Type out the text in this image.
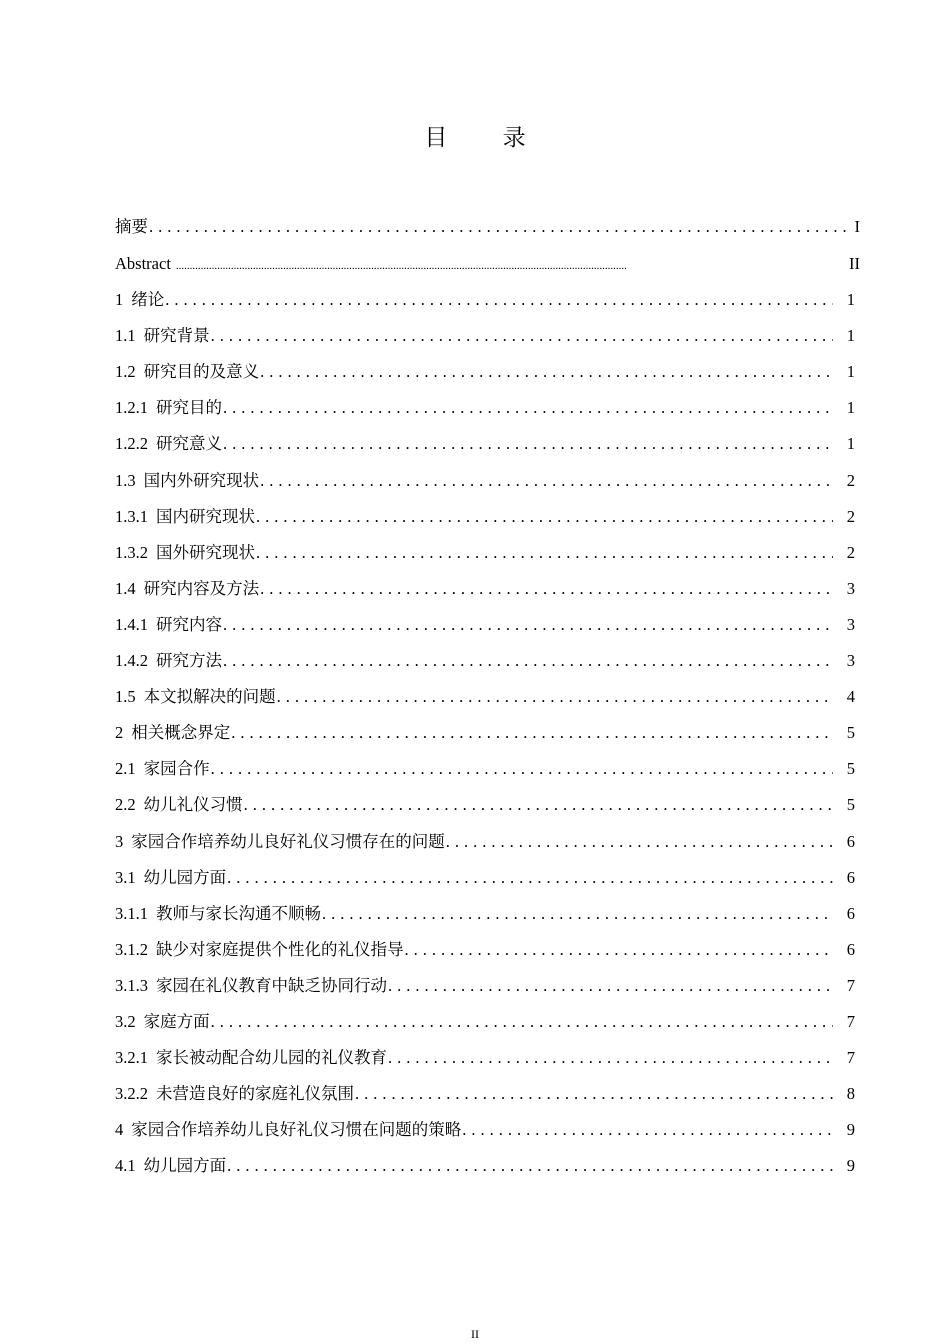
目 录
摘要 .....	I
Abstract .....	II
1 绪论 .....	1
1.1 研究背景 .....	1
1.2 研究目的及意义 .....	1
1.2.1 研究目的 .....	1
1.2.2 研究意义 .....	1
1.3 国内外研究现状 .....	2
1.3.1 国内研究现状 .....	2
1.3.2 国外研究现状 .....	2
1.4 研究内容及方法 .....	3
1.4.1 研究内容 .....	3
1.4.2 研究方法 .....	3
1.5 本文拟解决的问题 .....	4
2 相关概念界定 .....	5
2.1 家园合作 .....	5
2.2 幼儿礼仪习惯 .....	5
3 家园合作培养幼儿良好礼仪习惯存在的问题 .....	6
3.1 幼儿园方面 .....	6
3.1.1 教师与家长沟通不顺畅 .....	6
3.1.2 缺少对家庭提供个性化的礼仪指导 .....	6
3.1.3 家园在礼仪教育中缺乏协同行动 .....	7
3.2 家庭方面 .....	7
3.2.1 家长被动配合幼儿园的礼仪教育 .....	7
3.2.2 未营造良好的家庭礼仪氛围 .....	8
4 家园合作培养幼儿良好礼仪习惯在问题的策略 .....	9
4.1 幼儿园方面 .....	9
II
